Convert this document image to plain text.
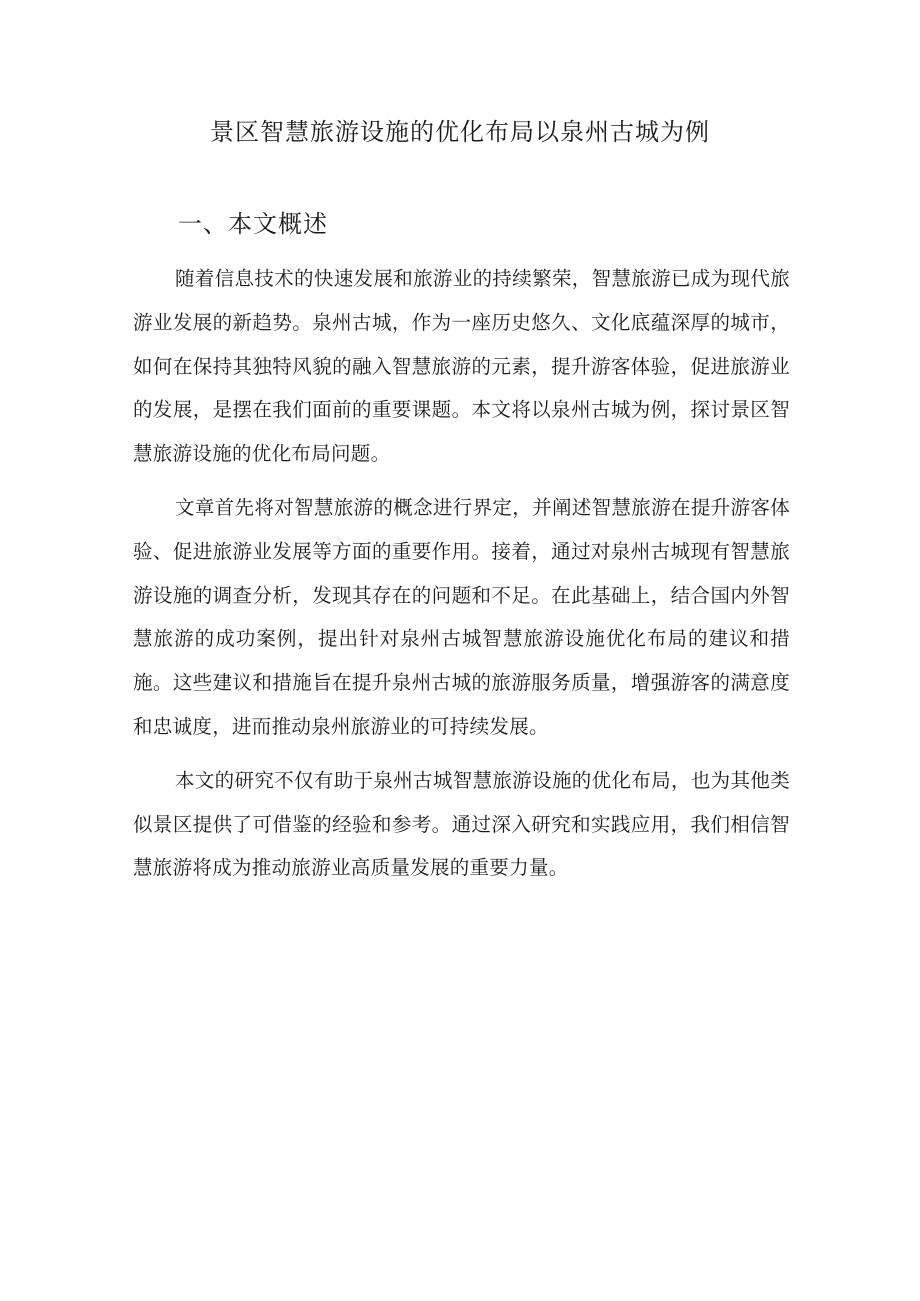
景区智慧旅游设施的优化布局以泉州古城为例
一、本文概述

随着信息技术的快速发展和旅游业的持续繁荣，智慧旅游已成为现代旅游业发展的新趋势。泉州古城，作为一座历史悠久、文化底蕴深厚的城市，如何在保持其独特风貌的融入智慧旅游的元素，提升游客体验，促进旅游业的发展，是摆在我们面前的重要课题。本文将以泉州古城为例，探讨景区智慧旅游设施的优化布局问题。

文章首先将对智慧旅游的概念进行界定，并阐述智慧旅游在提升游客体验、促进旅游业发展等方面的重要作用。接着，通过对泉州古城现有智慧旅游设施的调查分析，发现其存在的问题和不足。在此基础上，结合国内外智慧旅游的成功案例，提出针对泉州古城智慧旅游设施优化布局的建议和措施。这些建议和措施旨在提升泉州古城的旅游服务质量，增强游客的满意度和忠诚度，进而推动泉州旅游业的可持续发展。

本文的研究不仅有助于泉州古城智慧旅游设施的优化布局，也为其他类似景区提供了可借鉴的经验和参考。通过深入研究和实践应用，我们相信智慧旅游将成为推动旅游业高质量发展的重要力量。
